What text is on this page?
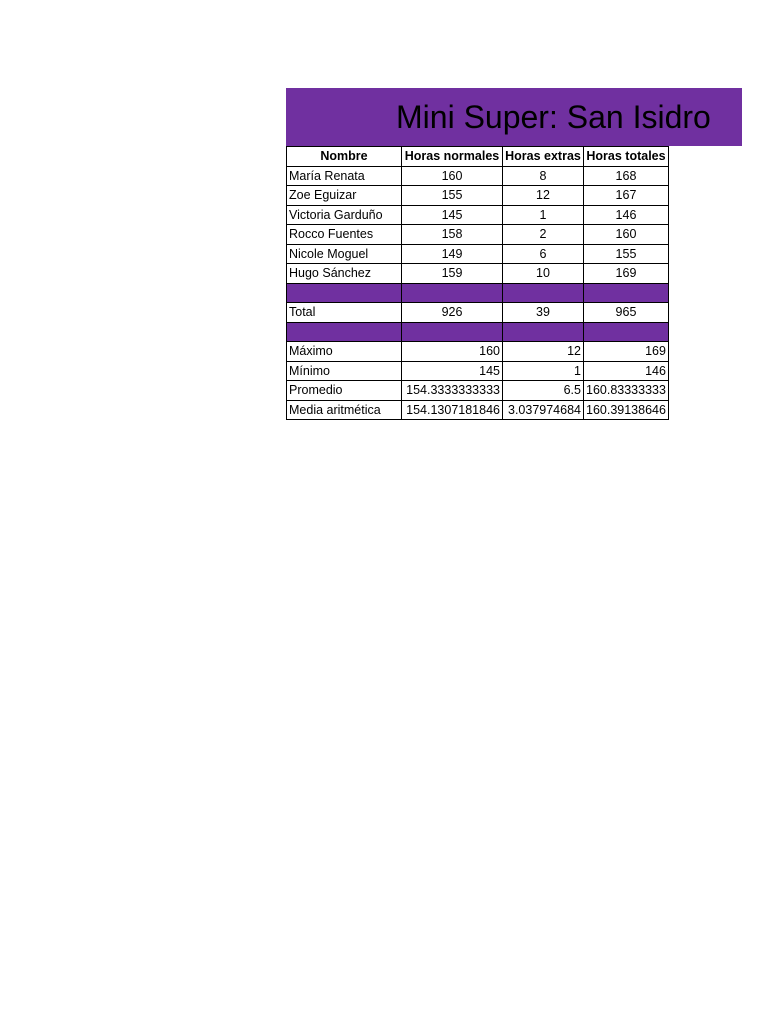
Mini Super: San Isidro
Nombre	Horas normales	Horas extras	Horas totales
María Renata	160	8	168
Zoe Eguizar	155	12	167
Victoria Garduño	145	1	146
Rocco Fuentes	158	2	160
Nicole Moguel	149	6	155
Hugo Sánchez	159	10	169

Total	926	39	965

Máximo	160	12	169
Mínimo	145	1	146
Promedio	154.3333333333	6.5	160.83333333
Media aritmética	154.1307181846	3.037974684	160.39138646
